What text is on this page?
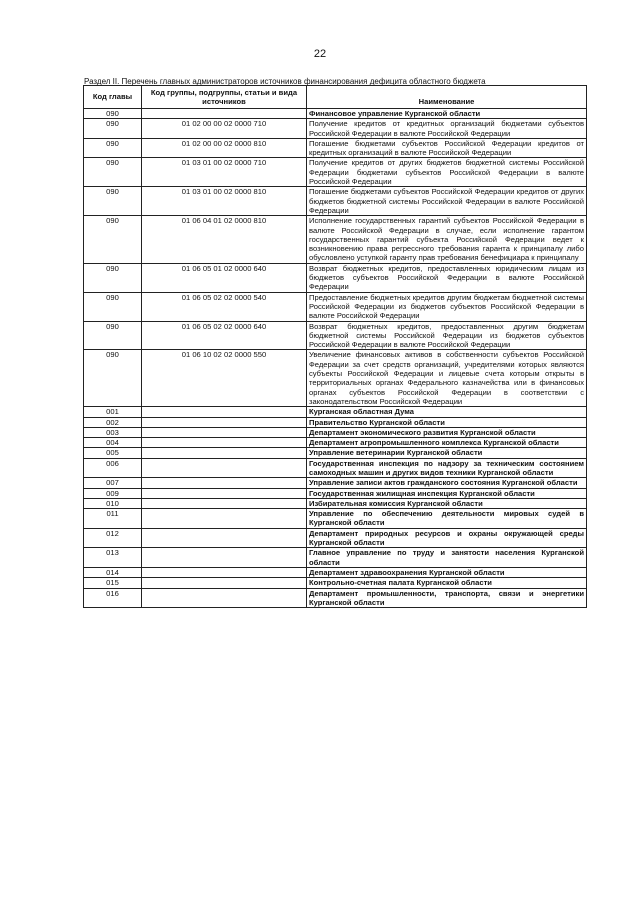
22
Раздел II. Перечень главных администраторов источников финансирования дефицита областного бюджета
Код главы	Код группы, подгруппы, статьи и вида источников	Наименование
090		Финансовое управление Курганской области
090	01 02 00 00 02 0000 710	Получение кредитов от кредитных организаций бюджетами субъектов Российской Федерации в валюте Российской Федерации
090	01 02 00 00 02 0000 810	Погашение бюджетами субъектов Российской Федерации кредитов от кредитных организаций в валюте Российской Федерации
090	01 03 01 00 02 0000 710	Получение кредитов от других бюджетов бюджетной системы Российской Федерации бюджетами субъектов Российской Федерации в валюте Российской Федерации
090	01 03 01 00 02 0000 810	Погашение бюджетами субъектов Российской Федерации кредитов от других бюджетов бюджетной системы Российской Федерации в валюте Российской Федерации
090	01 06 04 01 02 0000 810	Исполнение государственных гарантий субъектов Российской Федерации в валюте Российской Федерации в случае, если исполнение гарантом государственных гарантий субъекта Российской Федерации ведет к возникновению права регрессного требования гаранта к принципалу либо обусловлено уступкой гаранту прав требования бенефициара к принципалу
090	01 06 05 01 02 0000 640	Возврат бюджетных кредитов, предоставленных юридическим лицам из бюджетов субъектов Российской Федерации в валюте Российской Федерации
090	01 06 05 02 02 0000 540	Предоставление бюджетных кредитов другим бюджетам бюджетной системы Российской Федерации из бюджетов субъектов Российской Федерации в валюте Российской Федерации
090	01 06 05 02 02 0000 640	Возврат бюджетных кредитов, предоставленных другим бюджетам бюджетной системы Российской Федерации из бюджетов субъектов Российской Федерации в валюте Российской Федерации
090	01 06 10 02 02 0000 550	Увеличение финансовых активов в собственности субъектов Российской Федерации за счет средств организаций, учредителями которых являются субъекты Российской Федерации и лицевые счета которым открыты в территориальных органах Федерального казначейства или в финансовых органах субъектов Российской Федерации в соответствии с законодательством Российской Федерации
001		Курганская областная Дума
002		Правительство Курганской области
003		Департамент экономического развития Курганской области
004		Департамент агропромышленного комплекса Курганской области
005		Управление ветеринарии Курганской области
006		Государственная инспекция по надзору за техническим состоянием самоходных машин и других видов техники Курганской области
007		Управление записи актов гражданского состояния Курганской области
009		Государственная жилищная инспекция Курганской области
010		Избирательная комиссия Курганской области
011		Управление по обеспечению деятельности мировых судей в Курганской области
012		Департамент природных ресурсов и охраны окружающей среды Курганской области
013		Главное управление по труду и занятости населения Курганской области
014		Департамент здравоохранения Курганской области
015		Контрольно-счетная палата Курганской области
016		Департамент промышленности, транспорта, связи и энергетики Курганской области
